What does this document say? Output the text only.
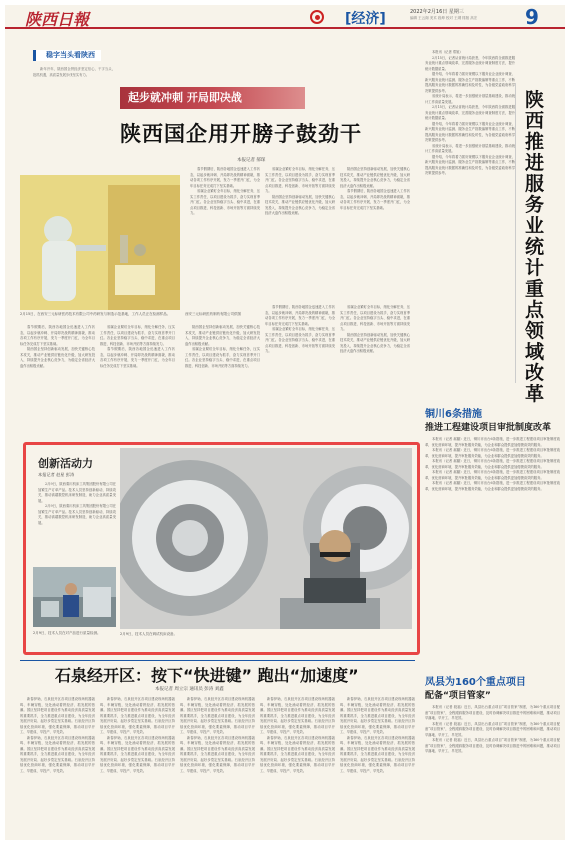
陕西日報	[经济]	2022年2月16日 星期三
编辑 王云阁 美术 段坤 校对 王纲 排版 高宏 9
稳字当头看陕西

新年开年，陕西国企拼经济坚定信心，干字当头，抢抓机遇，高质量发展步伐坚实有力。

起步就冲刺 开局即决战
陕西国企用开膀子鼓劲干
本报记者 郝琛
2月15日，在西安三元标研医药技术有限公司中药研发与制造示范基地，工作人员正在检测样品。	西安三元标研医药制药有限公司供图

春节假期后，陕西各地国企迅速进入工作状态，以起步就冲刺、开局即决战的精神面貌，推动各项工作有序开展，发力一季度开门红，为全年目标任务完成打下坚实基础。

省属企业紧盯全年目标，细化分解任务，压实工作责任，以项目建设为抓手，奋力实现首季开门红。各企业坚持稳字当头、稳中求进，在重点项目推进、科技创新、市场开拓等方面持续发力。

省属企业紧盯全年目标，细化分解任务，压实工作责任，以项目建设为抓手，奋力实现首季开门红。各企业坚持稳字当头、稳中求进，在重点项目推进、科技创新、市场开拓等方面持续发力。

陕西国企坚持创新驱动发展，加快关键核心技术攻关，推动产业链供应链优化升级，加大研发投入，持续提升企业核心竞争力，为稳定全省经济大盘作出积极贡献。

陕西国企坚持创新驱动发展，加快关键核心技术攻关，推动产业链供应链优化升级，加大研发投入，持续提升企业核心竞争力，为稳定全省经济大盘作出积极贡献。

春节假期后，陕西各地国企迅速进入工作状态，以起步就冲刺、开局即决战的精神面貌，推动各项工作有序开展，发力一季度开门红，为全年目标任务完成打下坚实基础。

春节假期后，陕西各地国企迅速进入工作状态，以起步就冲刺、开局即决战的精神面貌，推动各项工作有序开展，发力一季度开门红，为全年目标任务完成打下坚实基础。

陕西国企坚持创新驱动发展，加快关键核心技术攻关，推动产业链供应链优化升级，加大研发投入，持续提升企业核心竞争力，为稳定全省经济大盘作出积极贡献。

省属企业紧盯全年目标，细化分解任务，压实工作责任，以项目建设为抓手，奋力实现首季开门红。各企业坚持稳字当头、稳中求进，在重点项目推进、科技创新、市场开拓等方面持续发力。

春节假期后，陕西各地国企迅速进入工作状态，以起步就冲刺、开局即决战的精神面貌，推动各项工作有序开展，发力一季度开门红，为全年目标任务完成打下坚实基础。

陕西国企坚持创新驱动发展，加快关键核心技术攻关，推动产业链供应链优化升级，加大研发投入，持续提升企业核心竞争力，为稳定全省经济大盘作出积极贡献。

省属企业紧盯全年目标，细化分解任务，压实工作责任，以项目建设为抓手，奋力实现首季开门红。各企业坚持稳字当头、稳中求进，在重点项目推进、科技创新、市场开拓等方面持续发力。

春节假期后，陕西各地国企迅速进入工作状态，以起步就冲刺、开局即决战的精神面貌，推动各项工作有序开展，发力一季度开门红，为全年目标任务完成打下坚实基础。

省属企业紧盯全年目标，细化分解任务，压实工作责任，以项目建设为抓手，奋力实现首季开门红。各企业坚持稳字当头、稳中求进，在重点项目推进、科技创新、市场开拓等方面持续发力。

省属企业紧盯全年目标，细化分解任务，压实工作责任，以项目建设为抓手，奋力实现首季开门红。各企业坚持稳字当头、稳中求进，在重点项目推进、科技创新、市场开拓等方面持续发力。

陕西国企坚持创新驱动发展，加快关键核心技术攻关，推动产业链供应链优化升级，加大研发投入，持续提升企业核心竞争力，为稳定全省经济大盘作出积极贡献。

本报讯（记者 郑旭）

2月15日，记者从省统计局获悉，今年陕西将全面推进服务业统计重点领域改革，完善服务业统计调查制度方法，提升统计数据质量。

据介绍，今年将着力抓好规模以下服务业企业统计调查、新兴服务业统计监测、服务业生产指数编制等重点工作，不断提高服务业统计数据的准确性和及时性，为各级党委政府科学决策提供参考。

省统计局表示，将进一步加强统计基层基础建设，推动统计工作高质量发展。

2月15日，记者从省统计局获悉，今年陕西将全面推进服务业统计重点领域改革，完善服务业统计调查制度方法，提升统计数据质量。

据介绍，今年将着力抓好规模以下服务业企业统计调查、新兴服务业统计监测、服务业生产指数编制等重点工作，不断提高服务业统计数据的准确性和及时性，为各级党委政府科学决策提供参考。

省统计局表示，将进一步加强统计基层基础建设，推动统计工作高质量发展。

据介绍，今年将着力抓好规模以下服务业企业统计调查、新兴服务业统计监测、服务业生产指数编制等重点工作，不断提高服务业统计数据的准确性和及时性，为各级党委政府科学决策提供参考。

陕西推进服务业统计重点领域改革
铜川6条措施
推进工程建设项目审批制度改革

本报讯（记者 郝璐）近日，铜川市出台6条措施，进一步推进工程建设项目审批制度改革，优化营商环境，提升审批服务效能，为企业和群众提供更加便捷高效的服务。

本报讯（记者 郝璐）近日，铜川市出台6条措施，进一步推进工程建设项目审批制度改革，优化营商环境，提升审批服务效能，为企业和群众提供更加便捷高效的服务。

本报讯（记者 郝璐）近日，铜川市出台6条措施，进一步推进工程建设项目审批制度改革，优化营商环境，提升审批服务效能，为企业和群众提供更加便捷高效的服务。

本报讯（记者 郝璐）近日，铜川市出台6条措施，进一步推进工程建设项目审批制度改革，优化营商环境，提升审批服务效能，为企业和群众提供更加便捷高效的服务。

本报讯（记者 郝璐）近日，铜川市出台6条措施，进一步推进工程建设项目审批制度改革，优化营商环境，提升审批服务效能，为企业和群众提供更加便捷高效的服务。

创新活动力
本报记者 赵星 彭涛

2月9日，陕西秦川机床工具集团股份有限公司在加紧生产订单产品。技术人员坚持创新驱动，持续攻关，推动高端数控机床研发制造，助力企业高质量发展。

2月9日，陕西秦川机床工具集团股份有限公司在加紧生产订单产品。技术人员坚持创新驱动，持续攻关，推动高端数控机床研发制造，助力企业高质量发展。

2月9日，技术人员在对产品进行质量检测。	2月9日，技术人员在调试机床设备。
石泉经开区：按下“快进键” 跑出“加速度”
本报记者 周立宗 通讯员 彭涛 刘鑫

新春伊始，石泉经开区各项目建设现场机器轰鸣、车辆穿梭，处处涌动着拼经济、抓发展的热潮。园区坚持把项目建设作为推动经济高质量发展的重要抓手，全力推进重点项目建设，为全年经济发展开好局、起好步奠定坚实基础。石泉经开区持续优化营商环境，强化要素保障，推动项目早开工、早建成、早投产、早见效。

新春伊始，石泉经开区各项目建设现场机器轰鸣、车辆穿梭，处处涌动着拼经济、抓发展的热潮。园区坚持把项目建设作为推动经济高质量发展的重要抓手，全力推进重点项目建设，为全年经济发展开好局、起好步奠定坚实基础。石泉经开区持续优化营商环境，强化要素保障，推动项目早开工、早建成、早投产、早见效。

新春伊始，石泉经开区各项目建设现场机器轰鸣、车辆穿梭，处处涌动着拼经济、抓发展的热潮。园区坚持把项目建设作为推动经济高质量发展的重要抓手，全力推进重点项目建设，为全年经济发展开好局、起好步奠定坚实基础。石泉经开区持续优化营商环境，强化要素保障，推动项目早开工、早建成、早投产、早见效。

新春伊始，石泉经开区各项目建设现场机器轰鸣、车辆穿梭，处处涌动着拼经济、抓发展的热潮。园区坚持把项目建设作为推动经济高质量发展的重要抓手，全力推进重点项目建设，为全年经济发展开好局、起好步奠定坚实基础。石泉经开区持续优化营商环境，强化要素保障，推动项目早开工、早建成、早投产、早见效。

新春伊始，石泉经开区各项目建设现场机器轰鸣、车辆穿梭，处处涌动着拼经济、抓发展的热潮。园区坚持把项目建设作为推动经济高质量发展的重要抓手，全力推进重点项目建设，为全年经济发展开好局、起好步奠定坚实基础。石泉经开区持续优化营商环境，强化要素保障，推动项目早开工、早建成、早投产、早见效。

新春伊始，石泉经开区各项目建设现场机器轰鸣、车辆穿梭，处处涌动着拼经济、抓发展的热潮。园区坚持把项目建设作为推动经济高质量发展的重要抓手，全力推进重点项目建设，为全年经济发展开好局、起好步奠定坚实基础。石泉经开区持续优化营商环境，强化要素保障，推动项目早开工、早建成、早投产、早见效。

新春伊始，石泉经开区各项目建设现场机器轰鸣、车辆穿梭，处处涌动着拼经济、抓发展的热潮。园区坚持把项目建设作为推动经济高质量发展的重要抓手，全力推进重点项目建设，为全年经济发展开好局、起好步奠定坚实基础。石泉经开区持续优化营商环境，强化要素保障，推动项目早开工、早建成、早投产、早见效。

新春伊始，石泉经开区各项目建设现场机器轰鸣、车辆穿梭，处处涌动着拼经济、抓发展的热潮。园区坚持把项目建设作为推动经济高质量发展的重要抓手，全力推进重点项目建设，为全年经济发展开好局、起好步奠定坚实基础。石泉经开区持续优化营商环境，强化要素保障，推动项目早开工、早建成、早投产、早见效。

新春伊始，石泉经开区各项目建设现场机器轰鸣、车辆穿梭，处处涌动着拼经济、抓发展的热潮。园区坚持把项目建设作为推动经济高质量发展的重要抓手，全力推进重点项目建设，为全年经济发展开好局、起好步奠定坚实基础。石泉经开区持续优化营商环境，强化要素保障，推动项目早开工、早建成、早投产、早见效。

新春伊始，石泉经开区各项目建设现场机器轰鸣、车辆穿梭，处处涌动着拼经济、抓发展的热潮。园区坚持把项目建设作为推动经济高质量发展的重要抓手，全力推进重点项目建设，为全年经济发展开好局、起好步奠定坚实基础。石泉经开区持续优化营商环境，强化要素保障，推动项目早开工、早建成、早投产、早见效。

凤县为160个重点项目
配备“项目管家”

本报讯（记者 段福）近日，凤县出台重点项目“项目管家”制度，为160个重点项目配备“项目管家”，全程跟踪服务项目建设，及时协调解决项目推进中的困难和问题，推动项目早落地、早开工、早见效。

本报讯（记者 段福）近日，凤县出台重点项目“项目管家”制度，为160个重点项目配备“项目管家”，全程跟踪服务项目建设，及时协调解决项目推进中的困难和问题，推动项目早落地、早开工、早见效。

本报讯（记者 段福）近日，凤县出台重点项目“项目管家”制度，为160个重点项目配备“项目管家”，全程跟踪服务项目建设，及时协调解决项目推进中的困难和问题，推动项目早落地、早开工、早见效。
